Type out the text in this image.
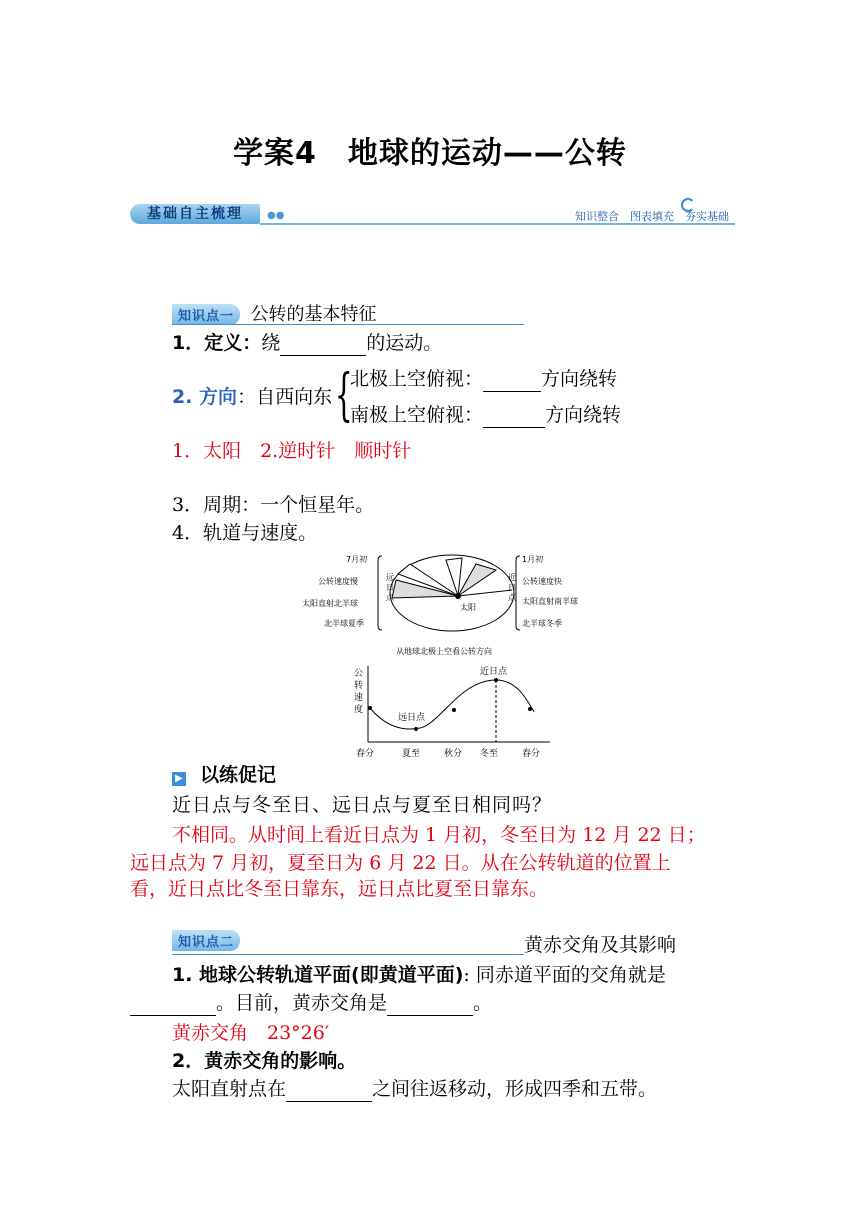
学案4　地球的运动——公转
基础自主梳理	●●	知识整合　图表填充　夯实基础
知识点一 公转的基本特征
1．定义：绕	的运动。
2. 方向：自西向东 {
北极上空俯视：	方向绕转
南极上空俯视：	方向绕转
1．太阳　2.逆时针　顺时针
3．周期：一个恒星年。
4．轨道与速度。
7月初
公转速度慢
太阳直射北半球
北半球夏季
1月初
公转速度快
太阳直射南半球
北半球冬季
太阳
远
日
点
近
日
点
从地球北极上空看公转方向
公
转
速
度
远日点
近日点
春分	夏至	秋分 冬至	春分
▶ 以练促记
近日点与冬至日、远日点与夏至日相同吗？
不相同。从时间上看近日点为 1 月初，冬至日为 12 月 22 日；
远日点为 7 月初，夏至日为 6 月 22 日。从在公转轨道的位置上
看，近日点比冬至日靠东，远日点比夏至日靠东。
知识点二	黄赤交角及其影响
1. 地球公转轨道平面(即黄道平面): 同赤道平面的交角就是
。目前，黄赤交角是	。
黄赤交角　23°26′
2．黄赤交角的影响。
太阳直射点在	之间往返移动，形成四季和五带。
